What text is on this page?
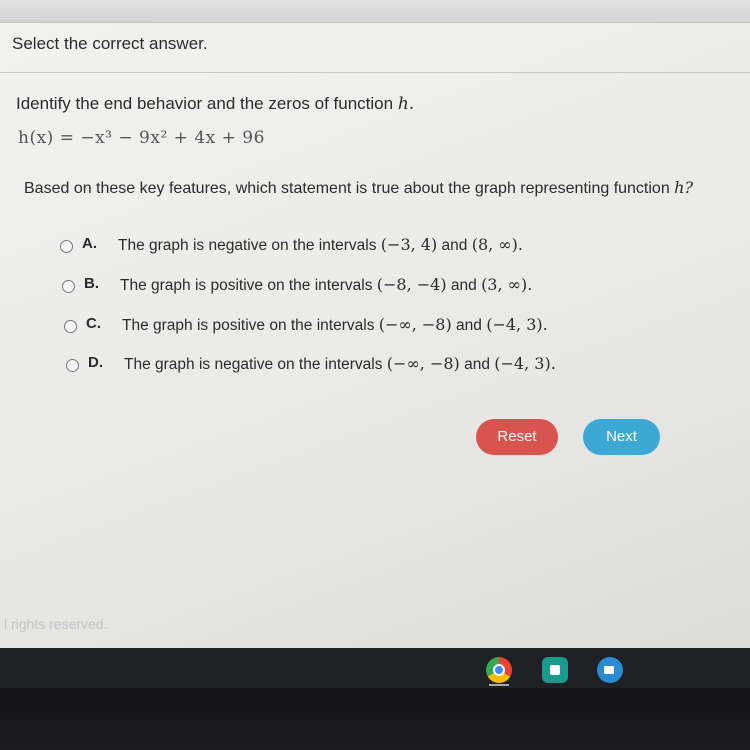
Select the correct answer.
Identify the end behavior and the zeros of function h.
h(x) = −x³ − 9x² + 4x + 96
Based on these key features, which statement is true about the graph representing function h?
A. The graph is negative on the intervals (−3, 4) and (8, ∞).
B. The graph is positive on the intervals (−8, −4) and (3, ∞).
C. The graph is positive on the intervals (−∞, −8) and (−4, 3).
D. The graph is negative on the intervals (−∞, −8) and (−4, 3).
Reset	Next
l rights reserved.
